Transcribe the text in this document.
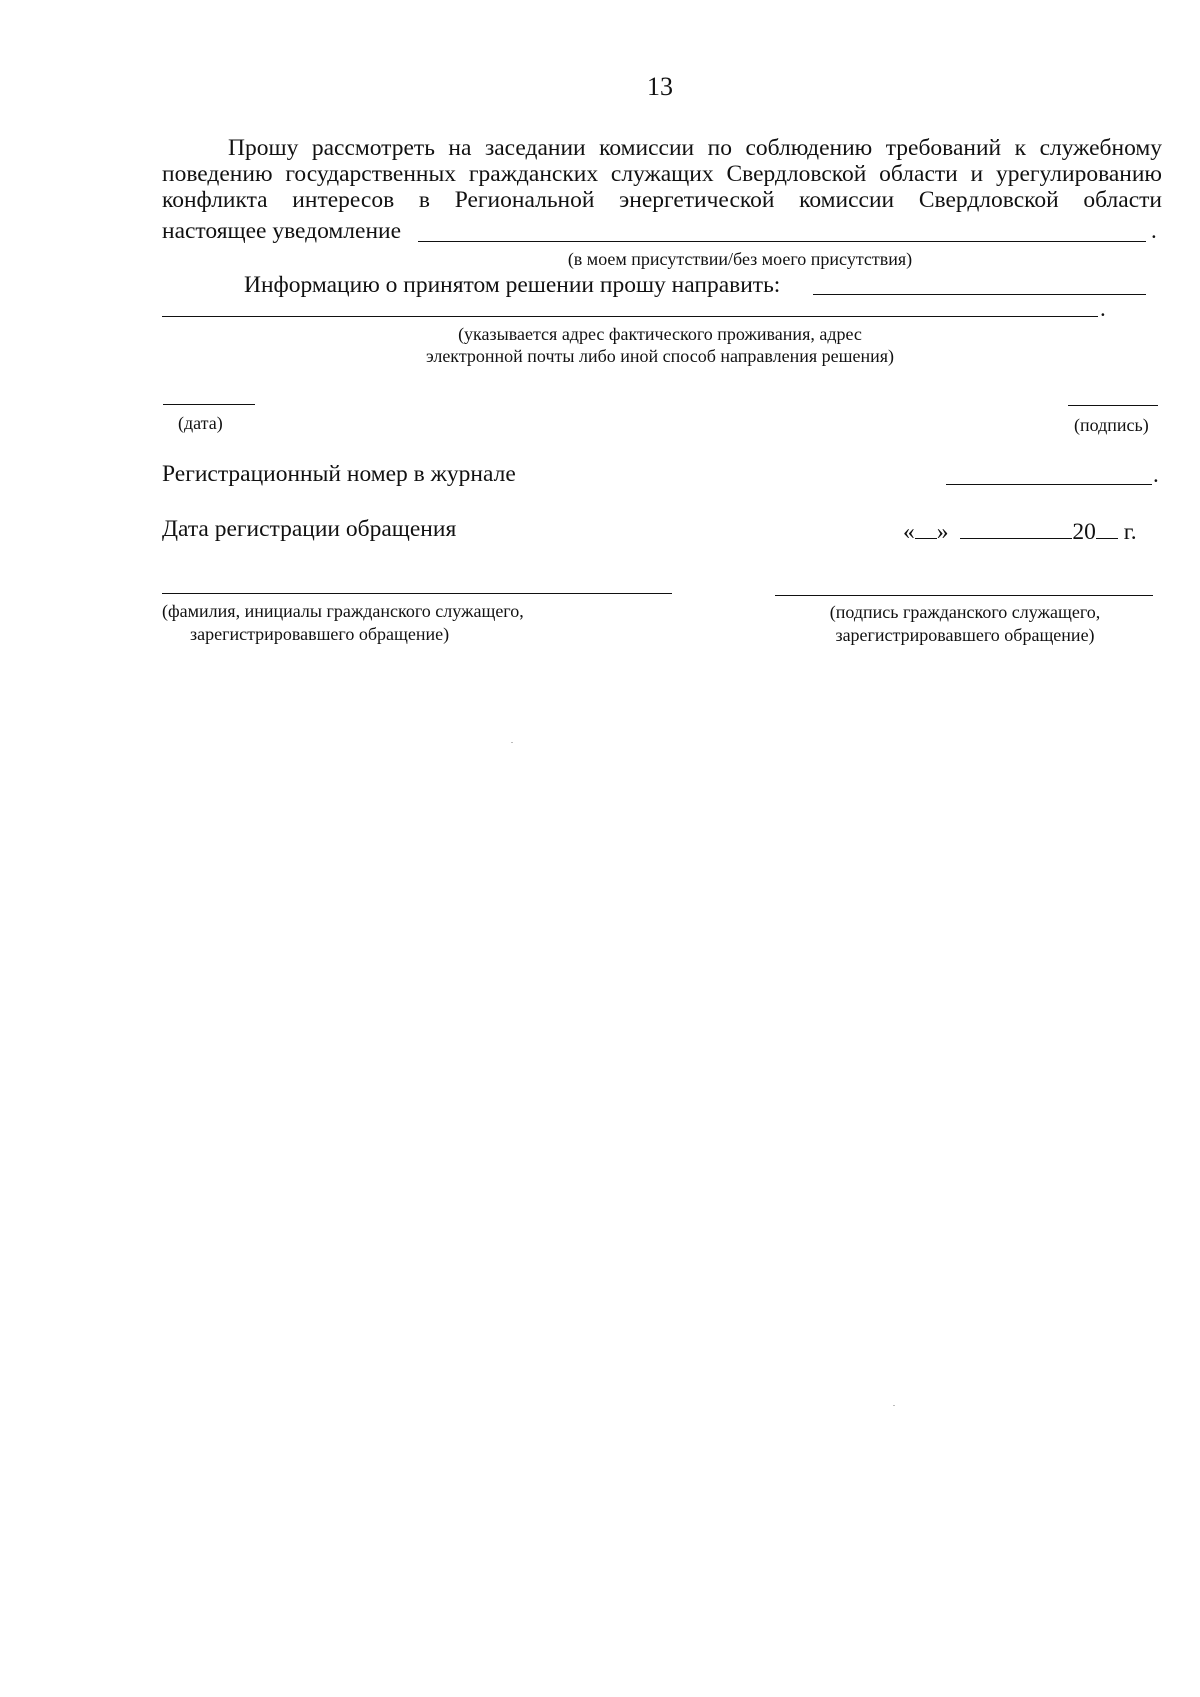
13
Прошу рассмотреть на заседании комиссии по соблюдению требований к служебному поведению государственных гражданских служащих Свердловской области и урегулированию конфликта интересов в Региональной энергетической комиссии Свердловской области
настоящее уведомление	.
(в моем присутствии/без моего присутствия)
Информацию о принятом решении прошу направить:
.
(указывается адрес фактического проживания, адрес
электронной почты либо иной способ направления решения)
(дата)	(подпись)
Регистрационный номер в журнале	.
Дата регистрации обращения	« »	20 г.
(фамилия, инициалы гражданского служащего,
зарегистрировавшего обращение)
(подпись гражданского служащего,
зарегистрировавшего обращение)
